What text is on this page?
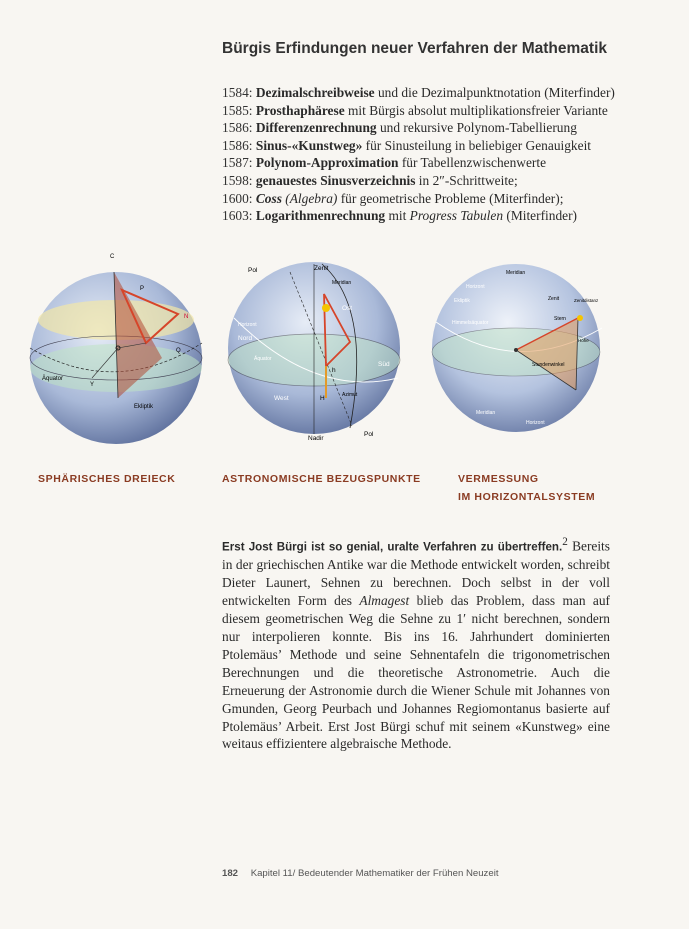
Bürgis Erfindungen neuer Verfahren der Mathematik
1584: Dezimalschreibweise und die Dezimalpunktnotation (Miterfinder)
1585: Prosthaphärese mit Bürgis absolut multiplikationsfreier Variante
1586: Differenzenrechnung und rekursive Polynom-Tabellierung
1586: Sinus-«Kunstweg» für Sinusteilung in beliebiger Genauigkeit
1587: Polynom-Approximation für Tabellenzwischenwerte
1598: genauestes Sinusverzeichnis in 2″-Schrittweite;
1600: Coss (Algebra) für geometrische Probleme (Miterfinder);
1603: Logarithmenrechnung mit Progress Tabulen (Miterfinder)
C
P
N
Q
Äquator
Y
Ekliptik
Pol	Zenit
Meridian
Ost
Horizont
Nord
Äquator
Süd
West	H
h
Azimut
Nadir
Pol
Meridian
Horizont
Ekliptik	Zenit	Zenitdistanz
Himmelsäquator
Stern
Höhe
Stundenwinkel
Meridian
Horizont
SPHÄRISCHES DREIECK	ASTRONOMISCHE BEZUGSPUNKTE	VERMESSUNG
IM HORIZONTALSYSTEM

Erst Jost Bürgi ist so genial, uralte Verfahren zu übertreffen.$^2$ Bereits in der griechischen Antike war die Methode entwickelt worden, schreibt Dieter Launert, Sehnen zu berechnen. Doch selbst in der voll entwickelten Form des Almagest blieb das Problem, dass man auf diesem geometrischen Weg die Sehne zu 1′ nicht berechnen, sondern nur interpolieren konnte. Bis ins 16. Jahrhundert dominierten Ptolemäus’ Methode und seine Sehnentafeln die trigonometrischen Berechnungen und die theoretische Astronometrie. Auch die Erneuerung der Astronomie durch die Wiener Schule mit Johannes von Gmunden, Georg Peurbach und Johannes Regiomontanus basierte auf Ptolemäus’ Arbeit. Erst Jost Bürgi schuf mit seinem «Kunstweg» eine weitaus effizientere algebraische Methode.

182 Kapitel 11/ Bedeutender Mathematiker der Frühen Neuzeit
